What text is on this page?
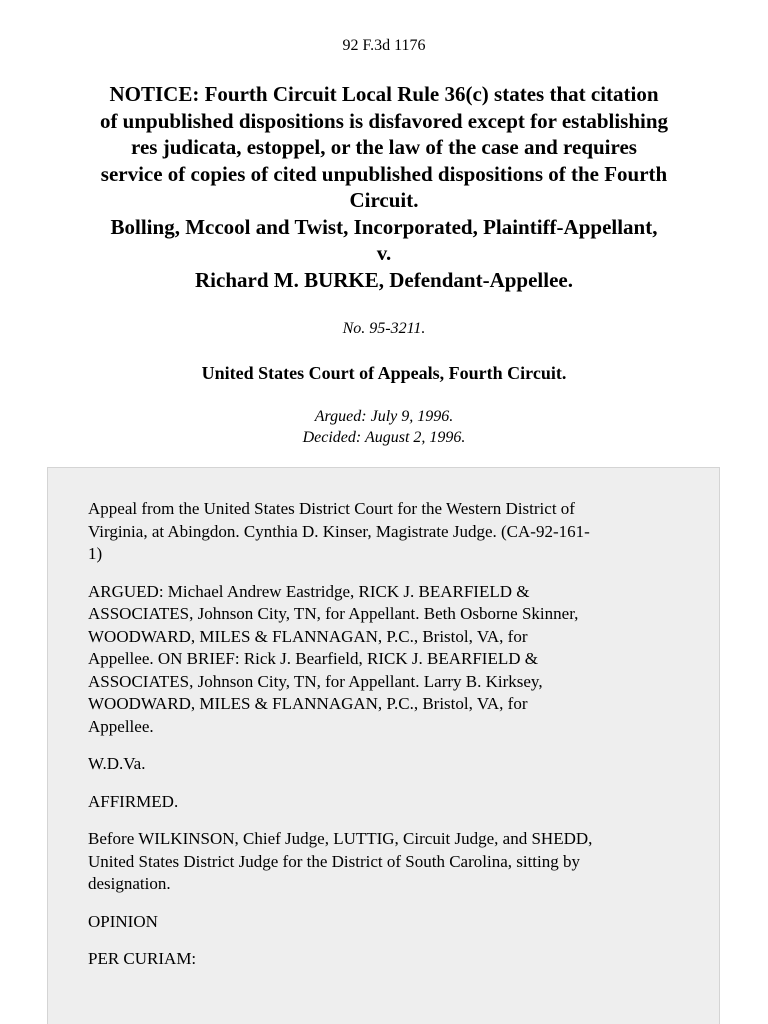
92 F.3d 1176
NOTICE: Fourth Circuit Local Rule 36(c) states that citation
of unpublished dispositions is disfavored except for establishing
res judicata, estoppel, or the law of the case and requires
service of copies of cited unpublished dispositions of the Fourth
Circuit.
Bolling, Mccool and Twist, Incorporated, Plaintiff-Appellant,
v.
Richard M. BURKE, Defendant-Appellee.
No. 95-3211.
United States Court of Appeals, Fourth Circuit.
Argued: July 9, 1996.
Decided: August 2, 1996.

Appeal from the United States District Court for the Western District of
Virginia, at Abingdon. Cynthia D. Kinser, Magistrate Judge. (CA-92-161-
1)

ARGUED: Michael Andrew Eastridge, RICK J. BEARFIELD &
ASSOCIATES, Johnson City, TN, for Appellant. Beth Osborne Skinner,
WOODWARD, MILES & FLANNAGAN, P.C., Bristol, VA, for
Appellee. ON BRIEF: Rick J. Bearfield, RICK J. BEARFIELD &
ASSOCIATES, Johnson City, TN, for Appellant. Larry B. Kirksey,
WOODWARD, MILES & FLANNAGAN, P.C., Bristol, VA, for
Appellee.

W.D.Va.

AFFIRMED.

Before WILKINSON, Chief Judge, LUTTIG, Circuit Judge, and SHEDD,
United States District Judge for the District of South Carolina, sitting by
designation.

OPINION

PER CURIAM:
